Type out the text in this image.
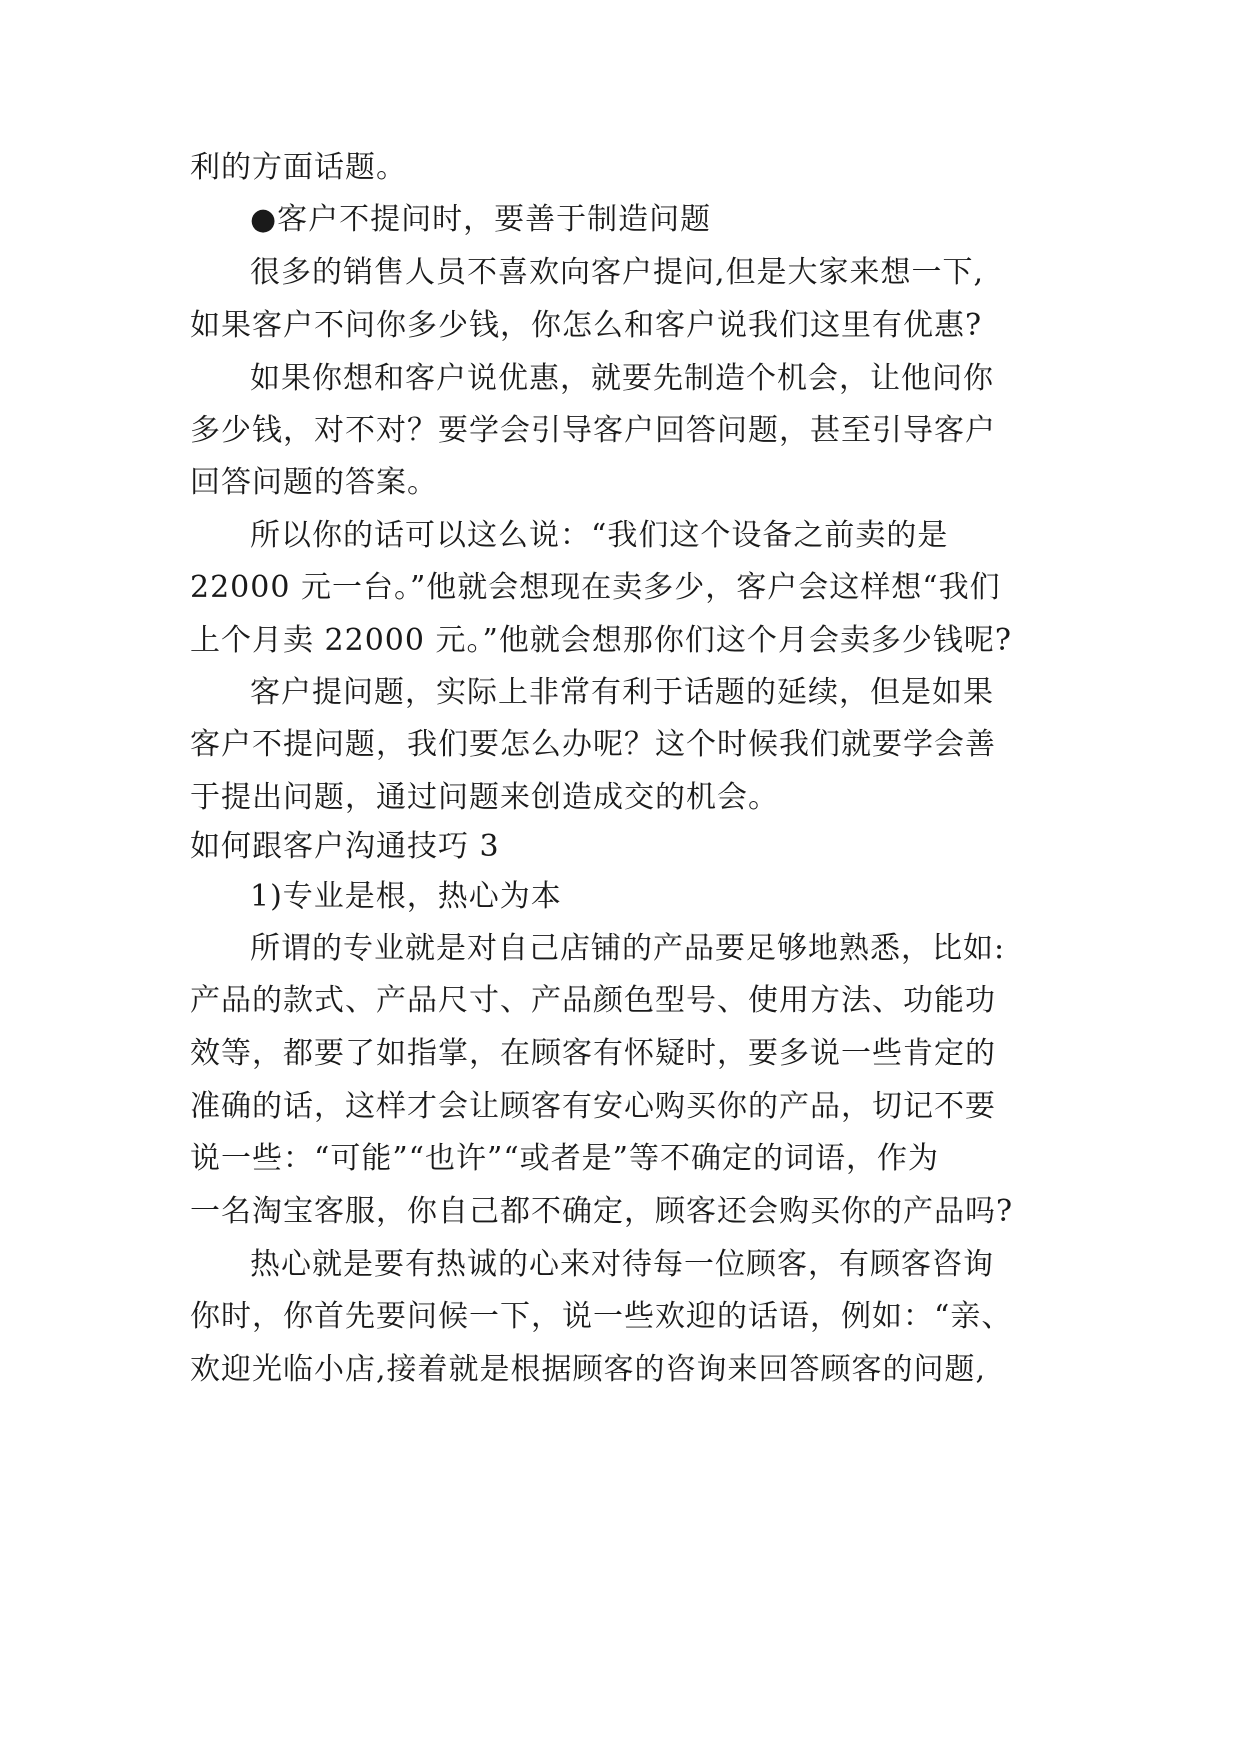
利的方面话题。

●客户不提问时，要善于制造问题

很多的销售人员不喜欢向客户提问,但是大家来想一下,

如果客户不问你多少钱，你怎么和客户说我们这里有优惠?

如果你想和客户说优惠，就要先制造个机会，让他问你

多少钱，对不对？要学会引导客户回答问题，甚至引导客户

回答问题的答案。

所以你的话可以这么说：“我们这个设备之前卖的是

22000 元一台。”他就会想现在卖多少，客户会这样想“我们

上个月卖 22000 元。”他就会想那你们这个月会卖多少钱呢?

客户提问题，实际上非常有利于话题的延续，但是如果

客户不提问题，我们要怎么办呢？这个时候我们就要学会善

于提出问题，通过问题来创造成交的机会。

如何跟客户沟通技巧 3

1)专业是根，热心为本

所谓的专业就是对自己店铺的产品要足够地熟悉，比如:

产品的款式、产品尺寸、产品颜色型号、使用方法、功能功

效等，都要了如指掌，在顾客有怀疑时，要多说一些肯定的

准确的话，这样才会让顾客有安心购买你的产品，切记不要

说一些：“可能”“也许”“或者是”等不确定的词语，作为

一名淘宝客服，你自己都不确定，顾客还会购买你的产品吗?

热心就是要有热诚的心来对待每一位顾客，有顾客咨询

你时，你首先要问候一下，说一些欢迎的话语，例如：“亲、

欢迎光临小店,接着就是根据顾客的咨询来回答顾客的问题,
